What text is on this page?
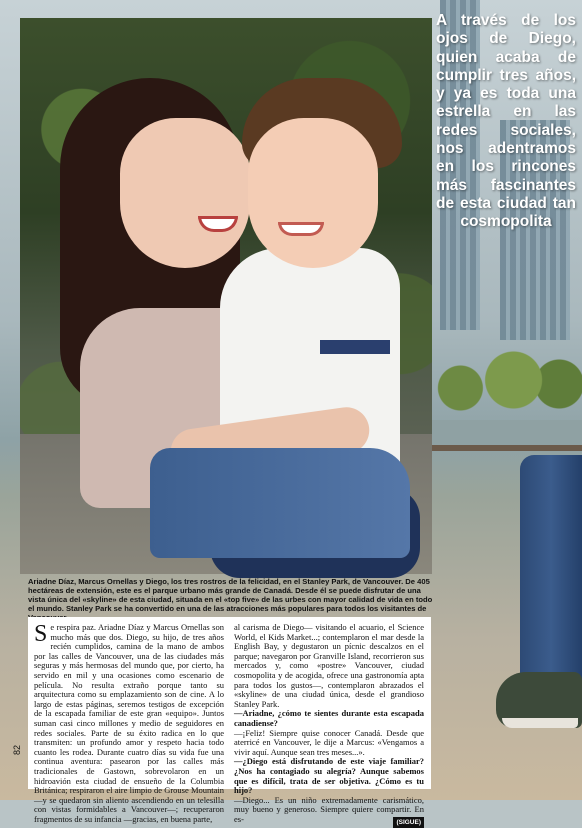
A través de los ojos de Diego, quien acaba de cumplir tres años, y ya es toda una estrella en las redes sociales, nos adentramos en los rincones más fascinantes de esta ciudad tan cosmopolita
Ariadne Díaz, Marcus Ornellas y Diego, los tres rostros de la felicidad, en el Stanley Park, de Vancouver. De 405 hectáreas de extensión, este es el parque urbano más grande de Canadá. Desde él se puede disfrutar de una vista única del «skyline» de esta ciudad, situada en el «top five» de las urbes con mayor calidad de vida en todo el mundo. Stanley Park se ha convertido en una de las atracciones más populares para todos los visitantes de

Se respira paz. Ariadne Díaz y Marcus Ornellas son mucho más que dos. Diego, su hijo, de tres años recién cumplidos, camina de la mano de ambos por las calles de Vancouver, una de las ciudades más seguras y más hermosas del mundo que, por cierto, ha servido en mil y una ocasiones como escenario de película. No resulta extraño porque tanto su arquitectura como su emplazamiento son de cine. A lo largo de estas páginas, seremos testigos de excepción de la escapada familiar de este gran «equipo». Juntos suman casi cinco millones y medio de seguidores en redes sociales. Parte de su éxito radica en lo que transmiten: un profundo amor y respeto hacia todo cuanto les rodea. Durante cuatro días su vida fue una continua aventura: pasearon por las calles más tradicionales de Gastown, sobrevolaron en un hidroavión esta ciudad de ensueño de la Columbia Británica; respiraron el aire limpio de Grouse Mountain —y se quedaron sin aliento ascendiendo en un telesilla con vistas formidables a Vancouver—; recuperaron fragmentos de su infancia —gracias, en buena parte,

al carisma de Diego— visitando el acuario, el Science World, el Kids Market...; contemplaron el mar desde la English Bay, y degustaron un pícnic descalzos en el parque; navegaron por Granville Island, recorrieron sus mercados y, como «postre» Vancouver, ciudad cosmopolita y de acogida, ofrece una gastronomía apta para todos los gustos—, contemplaron abrazados el «skyline» de una ciudad única, desde el grandioso Stanley Park.

—Ariadne, ¿cómo te sientes durante esta escapada canadiense?

—¡Feliz! Siempre quise conocer Canadá. Desde que aterricé en Vancouver, le dije a Marcus: «Vengamos a vivir aquí. Aunque sean tres meses...».

—¿Diego está disfrutando de este viaje familiar? ¿Nos ha contagiado su alegría? Aunque sabemos que es difícil, trata de ser objetiva. ¿Cómo es tu hijo?

—Diego... Es un niño extremadamente carismático, muy bueno y generoso. Siempre quiere compartir. En es-	(SIGUE)

82
